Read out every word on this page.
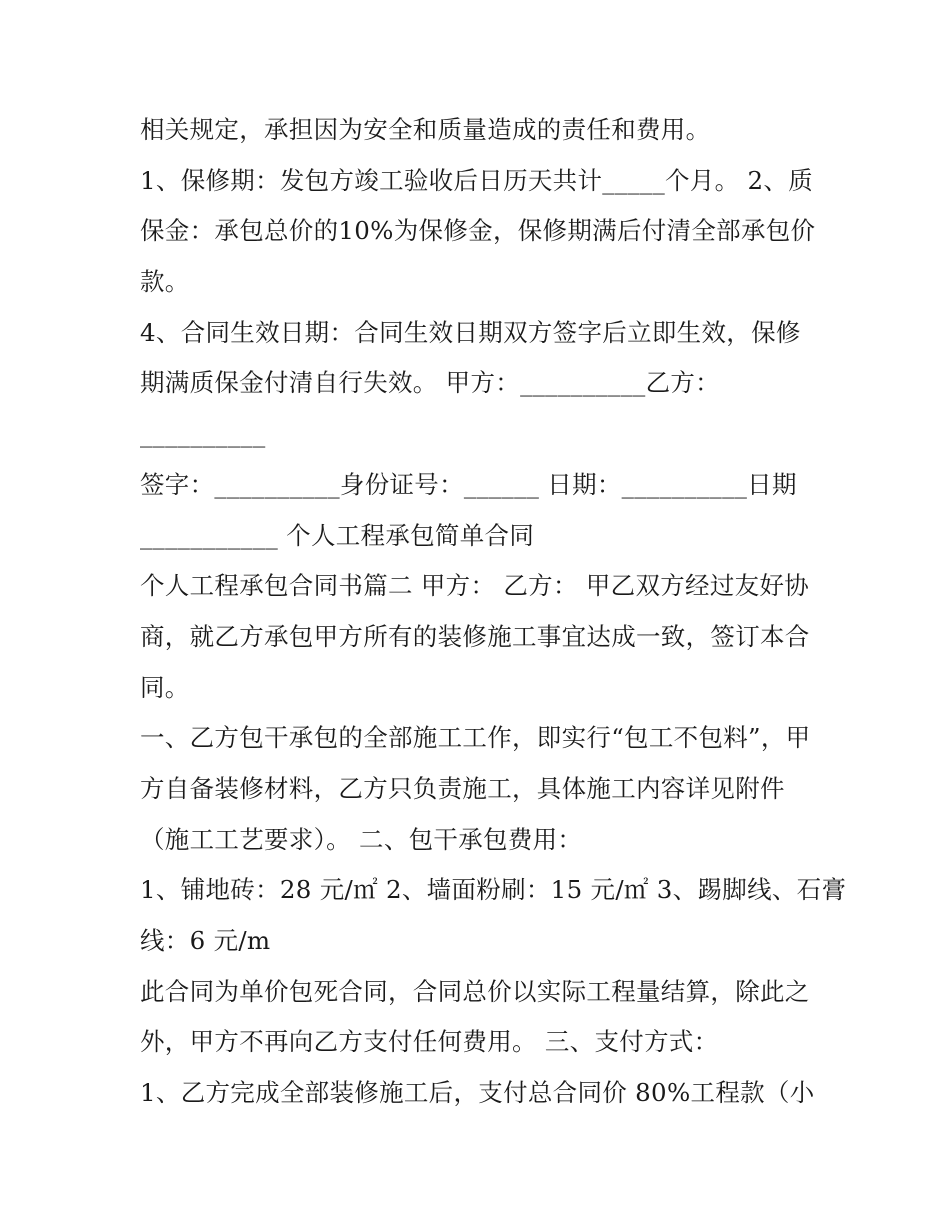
相关规定，承担因为安全和质量造成的责任和费用。
1、保修期：发包方竣工验收后日历天共计_____个月。 2、质
保金：承包总价的10%为保修金，保修期满后付清全部承包价
款。
4、合同生效日期：合同生效日期双方签字后立即生效，保修
期满质保金付清自行失效。 甲方：__________乙方：
__________
签字：__________身份证号：______ 日期：__________日期
___________ 个人工程承包简单合同
个人工程承包合同书篇二 甲方： 乙方： 甲乙双方经过友好协
商，就乙方承包甲方所有的装修施工事宜达成一致，签订本合
同。
一、乙方包干承包的全部施工工作，即实行“包工不包料”，甲
方自备装修材料，乙方只负责施工，具体施工内容详见附件
（施工工艺要求）。 二、包干承包费用：
1、铺地砖：28 元/㎡ 2、墙面粉刷：15 元/㎡ 3、踢脚线、石膏
线：6 元/m
此合同为单价包死合同，合同总价以实际工程量结算，除此之
外，甲方不再向乙方支付任何费用。 三、支付方式：
1、乙方完成全部装修施工后，支付总合同价 80%工程款（小
